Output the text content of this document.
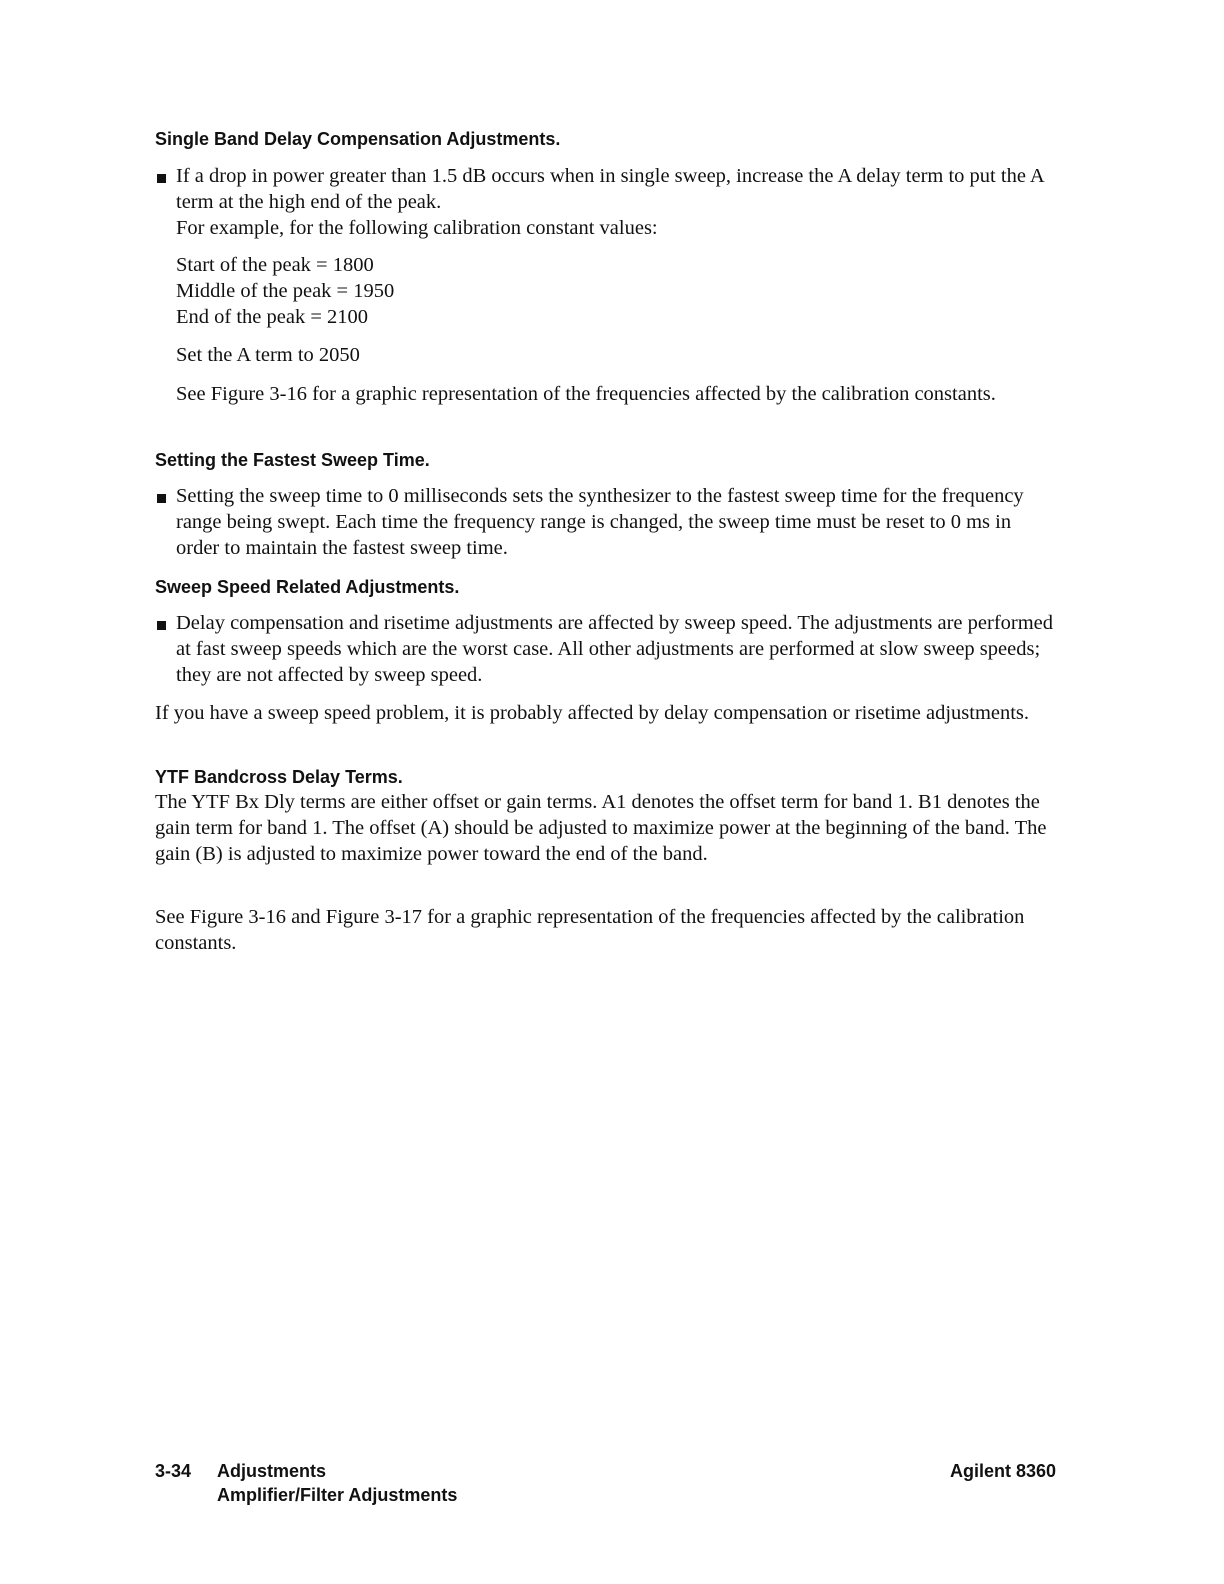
Single Band Delay Compensation Adjustments.

If a drop in power greater than 1.5 dB occurs when in single sweep, increase the A delay term to put the A term at the high end of the peak.

For example, for the following calibration constant values:

Start of the peak = 1800

Middle of the peak = 1950

End of the peak = 2100

Set the A term to 2050

See Figure 3-16 for a graphic representation of the frequencies affected by the calibration constants.

Setting the Fastest Sweep Time.

Setting the sweep time to 0 milliseconds sets the synthesizer to the fastest sweep time for the frequency range being swept. Each time the frequency range is changed, the sweep time must be reset to 0 ms in order to maintain the fastest sweep time.

Sweep Speed Related Adjustments.

Delay compensation and risetime adjustments are affected by sweep speed. The adjustments are performed at fast sweep speeds which are the worst case. All other adjustments are performed at slow sweep speeds; they are not affected by sweep speed.

If you have a sweep speed problem, it is probably affected by delay compensation or risetime adjustments.

YTF Bandcross Delay Terms.

The YTF Bx Dly terms are either offset or gain terms. A1 denotes the offset term for band 1. B1 denotes the gain term for band 1. The offset (A) should be adjusted to maximize power at the beginning of the band. The gain (B) is adjusted to maximize power toward the end of the band.

See Figure 3-16 and Figure 3-17 for a graphic representation of the frequencies affected by the calibration constants.

3-34 Adjustments
Amplifier/Filter Adjustments
Agilent 8360
